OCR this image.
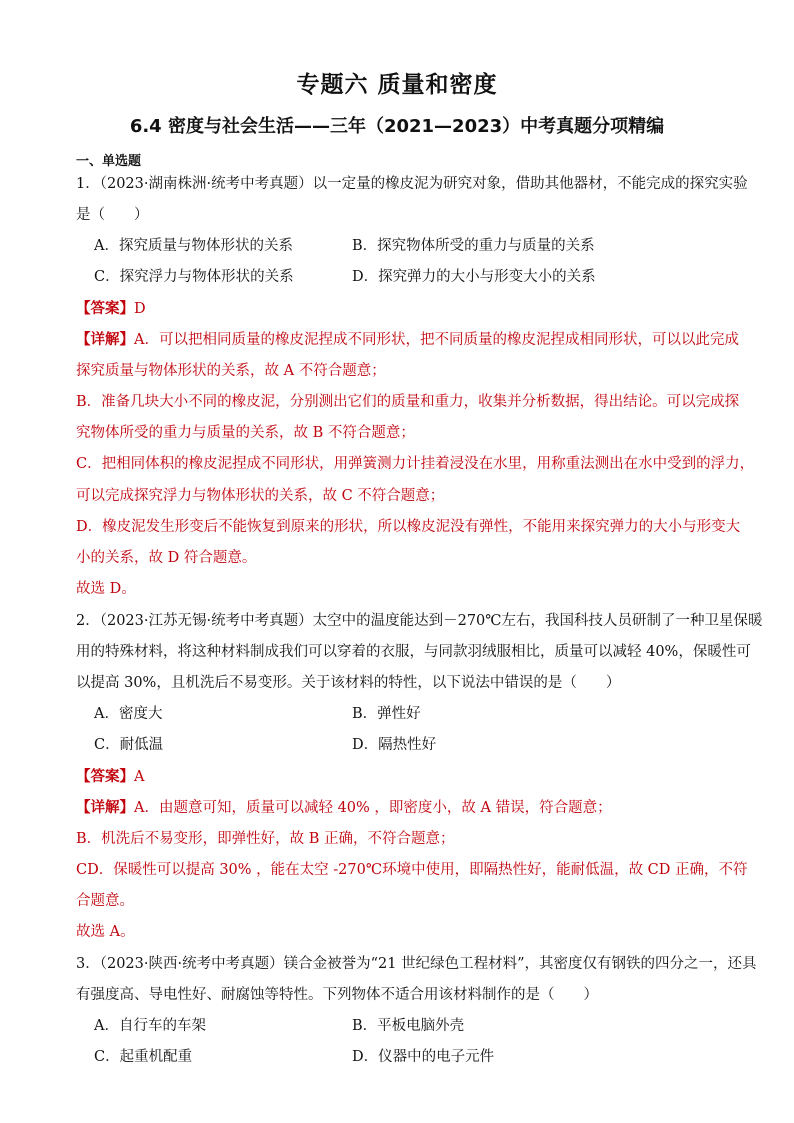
专题六 质量和密度
6.4 密度与社会生活——三年（2021—2023）中考真题分项精编
一、单选题
1．（2023·湖南株洲·统考中考真题）以一定量的橡皮泥为研究对象，借助其他器材，不能完成的探究实验
是（　　）
A．探究质量与物体形状的关系	B．探究物体所受的重力与质量的关系
C．探究浮力与物体形状的关系	D．探究弹力的大小与形变大小的关系
【答案】D
【详解】A．可以把相同质量的橡皮泥捏成不同形状，把不同质量的橡皮泥捏成相同形状，可以以此完成
探究质量与物体形状的关系，故 A 不符合题意；
B．准备几块大小不同的橡皮泥，分别测出它们的质量和重力，收集并分析数据，得出结论。可以完成探
究物体所受的重力与质量的关系，故 B 不符合题意；
C．把相同体积的橡皮泥捏成不同形状，用弹簧测力计挂着浸没在水里，用称重法测出在水中受到的浮力，
可以完成探究浮力与物体形状的关系，故 C 不符合题意；
D．橡皮泥发生形变后不能恢复到原来的形状，所以橡皮泥没有弹性，不能用来探究弹力的大小与形变大
小的关系，故 D 符合题意。
故选 D。
2．（2023·江苏无锡·统考中考真题）太空中的温度能达到－270℃左右，我国科技人员研制了一种卫星保暖
用的特殊材料，将这种材料制成我们可以穿着的衣服，与同款羽绒服相比，质量可以减轻 40%，保暖性可
以提高 30%，且机洗后不易变形。关于该材料的特性，以下说法中错误的是（　　）
A．密度大	B．弹性好
C．耐低温	D．隔热性好
【答案】A
【详解】A．由题意可知，质量可以减轻 40% ，即密度小，故 A 错误，符合题意；
B．机洗后不易变形，即弹性好，故 B 正确，不符合题意；
CD．保暖性可以提高 30% ，能在太空 -270℃环境中使用，即隔热性好，能耐低温，故 CD 正确，不符
合题意。
故选 A。
3．（2023·陕西·统考中考真题）镁合金被誉为“21 世纪绿色工程材料”，其密度仅有钢铁的四分之一，还具
有强度高、导电性好、耐腐蚀等特性。下列物体不适合用该材料制作的是（　　）
A．自行车的车架	B．平板电脑外壳
C．起重机配重	D．仪器中的电子元件
